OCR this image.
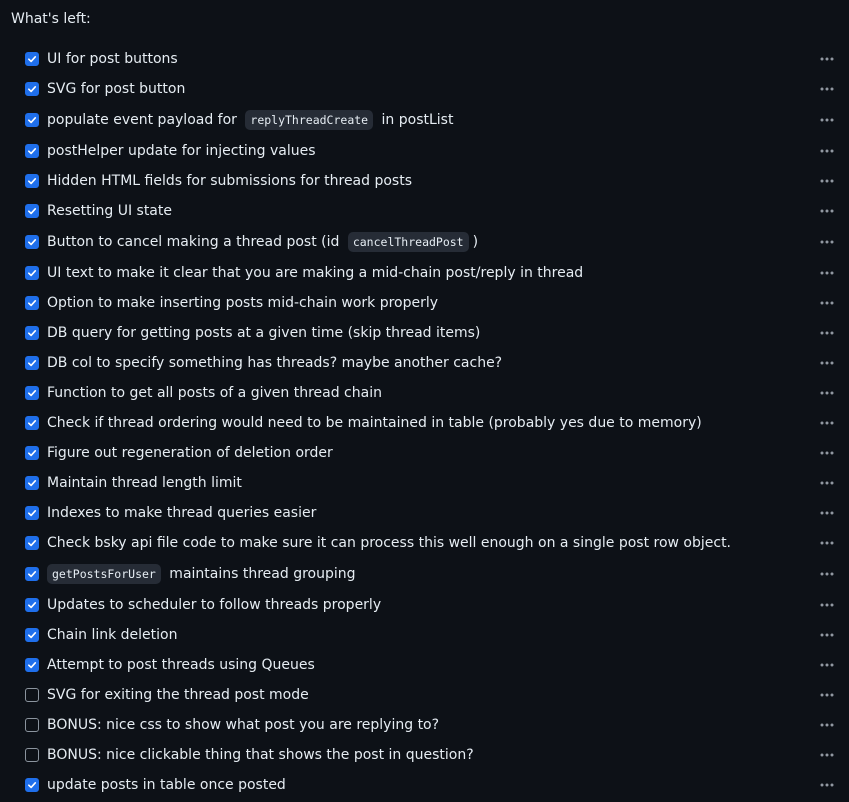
What's left:
UI for post buttons
SVG for post button
populate event payload for replyThreadCreate in postList
postHelper update for injecting values
Hidden HTML fields for submissions for thread posts
Resetting UI state
Button to cancel making a thread post (id cancelThreadPost )
UI text to make it clear that you are making a mid-chain post/reply in thread
Option to make inserting posts mid-chain work properly
DB query for getting posts at a given time (skip thread items)
DB col to specify something has threads? maybe another cache?
Function to get all posts of a given thread chain
Check if thread ordering would need to be maintained in table (probably yes due to memory)
Figure out regeneration of deletion order
Maintain thread length limit
Indexes to make thread queries easier
Check bsky api file code to make sure it can process this well enough on a single post row object.
getPostsForUser maintains thread grouping
Updates to scheduler to follow threads properly
Chain link deletion
Attempt to post threads using Queues
SVG for exiting the thread post mode
BONUS: nice css to show what post you are replying to?
BONUS: nice clickable thing that shows the post in question?
update posts in table once posted
